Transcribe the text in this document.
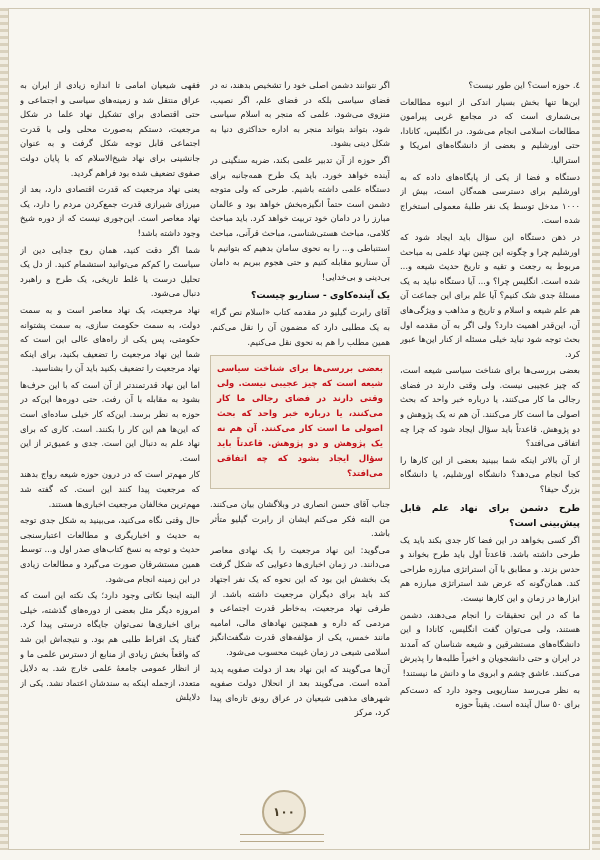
٤. حوزه است؟ این طور نیست؟

این‌ها تنها بخش بسیار اندکی از انبوه مطالعات بی‌شماری است که در مجامع غربی پیرامون مطالعات اسلامی انجام می‌شود. در انگلیس، کانادا، حتی اورشلیم و بعضی از دانشگاه‌های امریکا و استرالیا.

دستگاه و فضا از یکی از پایگاه‌های داده که به اورشلیم برای دسترسی همه‌گان است، بیش از ١٠٠٠ مدخل توسط یک نفر طلبهٔ معمولی استخراج شده است.

در ذهن دستگاه این سؤال باید ایجاد شود که اورشلیم چرا و چگونه این چنین نهاد علمی به مباحث مربوط به رجعت و تقیه و تاریخ حدیث شیعه و... شده است. انگلیس چرا؟ و... آیا دستگاه نباید به یک مسئلهٔ جدی شک کنیم؟ آیا علم برای این جماعت آن هم علم شیعه و اسلام و تاریخ و مذاهب و ویژگی‌های آن، این‌قدر اهمیت دارد؟ ولی اگر به آن مقدمه اول بحث توجه شود نباید خیلی مسئله از کنار این‌ها عبور کرد.

بعضی بررسی‌ها برای شناخت سیاسی شیعه است، که چیز عجیبی نیست. ولی وقتی دارند در فضای رجالی ما کار می‌کنند، یا درباره خبر واحد که بحث اصولی ما است کار می‌کنند. آن هم نه یک پژوهش و دو پژوهش. قاعدتاً باید سؤال ایجاد شود که چرا چه اتفاقی می‌افتد؟

از آن بالاتر اینکه شما ببینید بعضی از این کارها را کجا انجام می‌دهد؟ دانشگاه اورشلیم، یا دانشگاه بزرگ حیفا؟

طرح دشمن برای نهاد علم قابل پیش‌بینی است؟

اگر کسی بخواهد در این فضا کار جدی بکند باید یک طرحی داشته باشد. قاعدتاً اول باید طرح بخواند و حدس بزند. و مطابق با آن استراتژی مبارزه طراحی کند. همان‌گونه که عرض شد استراتژی مبارزه هم ابزارها در زمان و این کارها نیست.

ما که در این تحقیقات را انجام می‌دهند، دشمن هستند، ولی می‌توان گفت انگلیس، کانادا و این دانشگاه‌های مستشرقین و شیعه شناسان که آمدند در ایران و حتی دانشجویان و اخیراً طلبه‌ها را پذیرش می‌کنند. عاشق چشم و ابروی ما و دانش ما نیستند!

به نظر می‌رسد سناریویی وجود دارد که دست‌کم برای ٥٠ سال آینده است. یقیناً حوزه

اگر نتوانند دشمن اصلی خود را تشخیص بدهند، نه در فضای سیاسی بلکه در فضای علم، اگر نصیب، منزوی می‌شود. علمی که منجر به اسلام سیاسی شود، بتواند بتواند منجر به اداره حداکثری دنیا به شکل دینی بشود.

اگر حوزه از آن تدبیر علمی بکند، ضربه سنگینی در آینده خواهد خورد. باید یک طرح همه‌جانبه برای دستگاه علمی داشته باشیم. طرحی که ولی متوجه دشمن است حتماً انگیزه‌بخش خواهد بود و عالمان مبارز را در دامان خود تربیت خواهد کرد. باید مباحث کلامی، مباحث هستی‌شناسی، مباحث قرآنی، مباحث استنباطی و... را به نحوی سامان بدهیم که بتوانیم با آن سناریو مقابله کنیم و حتی هجوم ببریم به دامان بی‌دینی و بی‌خدایی!

یک آینده‌کاوی - سناریو چیست؟

آقای رابرت گیلیو در مقدمه کتاب «اسلام نص گرا» به یک مطلبی دارد که مضمون آن را نقل می‌کنم. همین مطلب را هم به نحوی نقل می‌کنیم.

بعضی بررسی‌ها برای شناخت سیاسی شیعه است که چیز عجیبی نیست. ولی وقتی دارند در فضای رجالی ما کار می‌کنند، یا درباره خبر واحد که بحث اصولی ما است کار می‌کنند. آن هم نه یک پژوهش و دو پژوهش. قاعدتاً باید سؤال ایجاد بشود که چه اتفاقی می‌افتد؟

جناب آقای حسن انصاری در وبلاگشان بیان می‌کنند. من البته فکر می‌کنم ایشان از رابرت گیلیو متأثر باشد.

می‌گوید: این نهاد مرجعیت را یک نهادی معاصر می‌دانند. در زمان اخباری‌ها دعوایی که شکل گرفت یک بخشش این بود که این نحوه که یک نفر اجتهاد کند باید برای دیگران مرجعیت داشته باشد. از طرفی نهاد مرجعیت، به‌خاطر قدرت اجتماعی و مردمی که داره و همچنین نهادهای مالی، امامیه مانند خمس، یکی از مؤلفه‌های قدرت شگفت‌انگیز اسلامی شیعی در زمان غیبت محسوب می‌شود.

آن‌ها می‌گویند که این نهاد بعد از دولت صفویه پدید آمده است. می‌گویند بعد از انحلال دولت صفویه شهرهای مذهبی شیعیان در عراق رونق تازه‌ای پیدا کرد، مرکز

فقهی شیعیان امامی تا اندازه زیادی از ایران به عراق منتقل شد و زمینه‌های سیاسی و اجتماعی و حتی اقتصادی برای تشکیل نهاد علما در شکل مرجعیت، دستکم به‌صورت محلی ولی با قدرت اجتماعی قابل توجه شکل گرفت و به عنوان جانشینی برای نهاد شیخ‌الاسلام که با پایان دولت صفوی تضعیف شده بود فراهم گردید.

یعنی نهاد مرجعیت که قدرت اقتصادی دارد، بعد از میرزای شیرازی قدرت جمع‌کردن مردم را دارد، یک نهاد معاصر است. این‌جوری نیست که از دوره شیخ وجود داشته باشد!

شما اگر دقت کنید، همان روح جدایی دین از سیاست را کم‌کم می‌توانید استشمام کنید. از دل یک تحلیل درست یا غلط تاریخی، یک طرح و راهبرد دنبال می‌شود.

نهاد مرجعیت، یک نهاد معاصر است و به‌ سمت دولت، به سمت حکومت سازی، به سمت پشتوانه حکومتی، پس یکی از راه‌های عالی این است که شما این نهاد مرجعیت را تضعیف بکنید، برای اینکه نهاد مرجعیت را تضعیف بکنید باید آن را بشناسید.

اما این نهاد قدرتمندتر از آن است که با این حرف‌ها بشود به مقابله با آن رفت. حتی دوره‌ها این‌که در حوزه به نظر برسد. این‌که کار خیلی ساده‌ای است که این‌ها هم این کار را بکنند. است. کاری که برای نهاد علم به دنبال این است. جدی و عمیق‌تر از این است.

کار مهم‌تر است که در درون حوزه شیعه رواج بدهند که مرجعیت پیدا کنند این است. که گفته شد مهم‌ترین مخالفان مرجعیت اخباری‌ها هستند.

حال وقتی نگاه می‌کنید، می‌بینید به شکل جدی توجه به حدیث و اخباریگری و مطالعات اعتبارسنجی حدیث و توجه به نسخ کتاب‌های صدر اول و... توسط همین مستشرقان صورت می‌گیرد و مطالعات زیادی در این زمینه انجام می‌شود.

البته اینجا نکاتی وجود دارد؛ یک نکته این است که امروزه دیگر مثل بعضی از دوره‌های گذشته، خیلی برای اخباری‌ها نمی‌توان جایگاه درستی پیدا کرد. گفتار یک افراط طلبی هم بود. و نتیجه‌اش این شد که واقعاً بخش زیادی از منابع از دسترس علمی ما و از انظار عمومی جامعهٔ علمی خارج شد. به دلایل متعدد، ازجمله اینکه به سندشان اعتماد نشد. یکی از دلایلش

١٠٠
